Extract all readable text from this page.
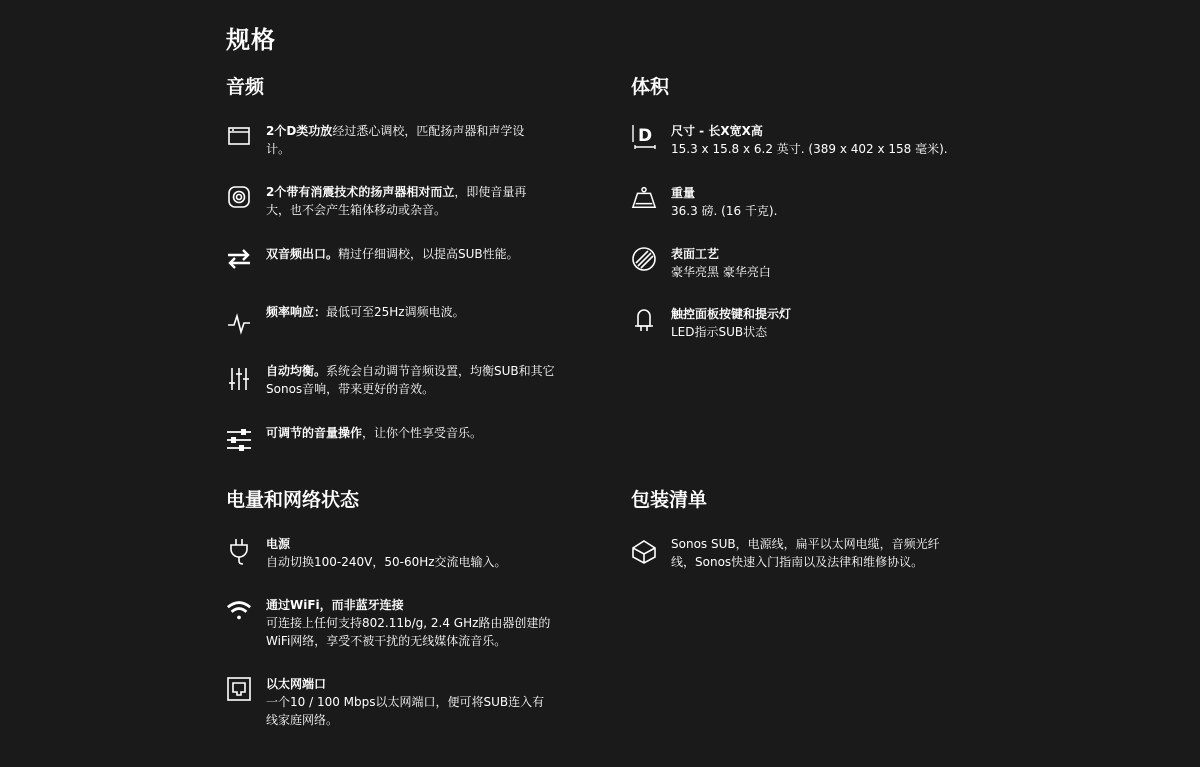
规格
音频
2个D类功放经过悉心调校，匹配扬声器和声学设计。
2个带有消震技术的扬声器相对而立，即使音量再大，也不会产生箱体移动或杂音。
双音频出口。精过仔细调校，以提高SUB性能。
频率响应：最低可至25Hz调频电波。
自动均衡。系统会自动调节音频设置，均衡SUB和其它Sonos音响，带来更好的音效。
可调节的音量操作，让你个性享受音乐。
体积
D 尺寸 - 长X宽X高
15.3 x 15.8 x 6.2 英寸. (389 x 402 x 158 毫米).
重量
36.3 磅. (16 千克).
表面工艺
豪华亮黑 豪华亮白
触控面板按键和提示灯
LED指示SUB状态
电量和网络状态
电源
自动切换100-240V，50-60Hz交流电输入。
通过WiFi，而非蓝牙连接
可连接上任何支持802.11b/g, 2.4 GHz路由器创建的WiFi网络，享受不被干扰的无线媒体流音乐。
以太网端口
一个10 / 100 Mbps以太网端口，便可将SUB连入有线家庭网络。
包装清单
Sonos SUB，电源线，扁平以太网电缆，音频光纤线，Sonos快速入门指南以及法律和维修协议。
